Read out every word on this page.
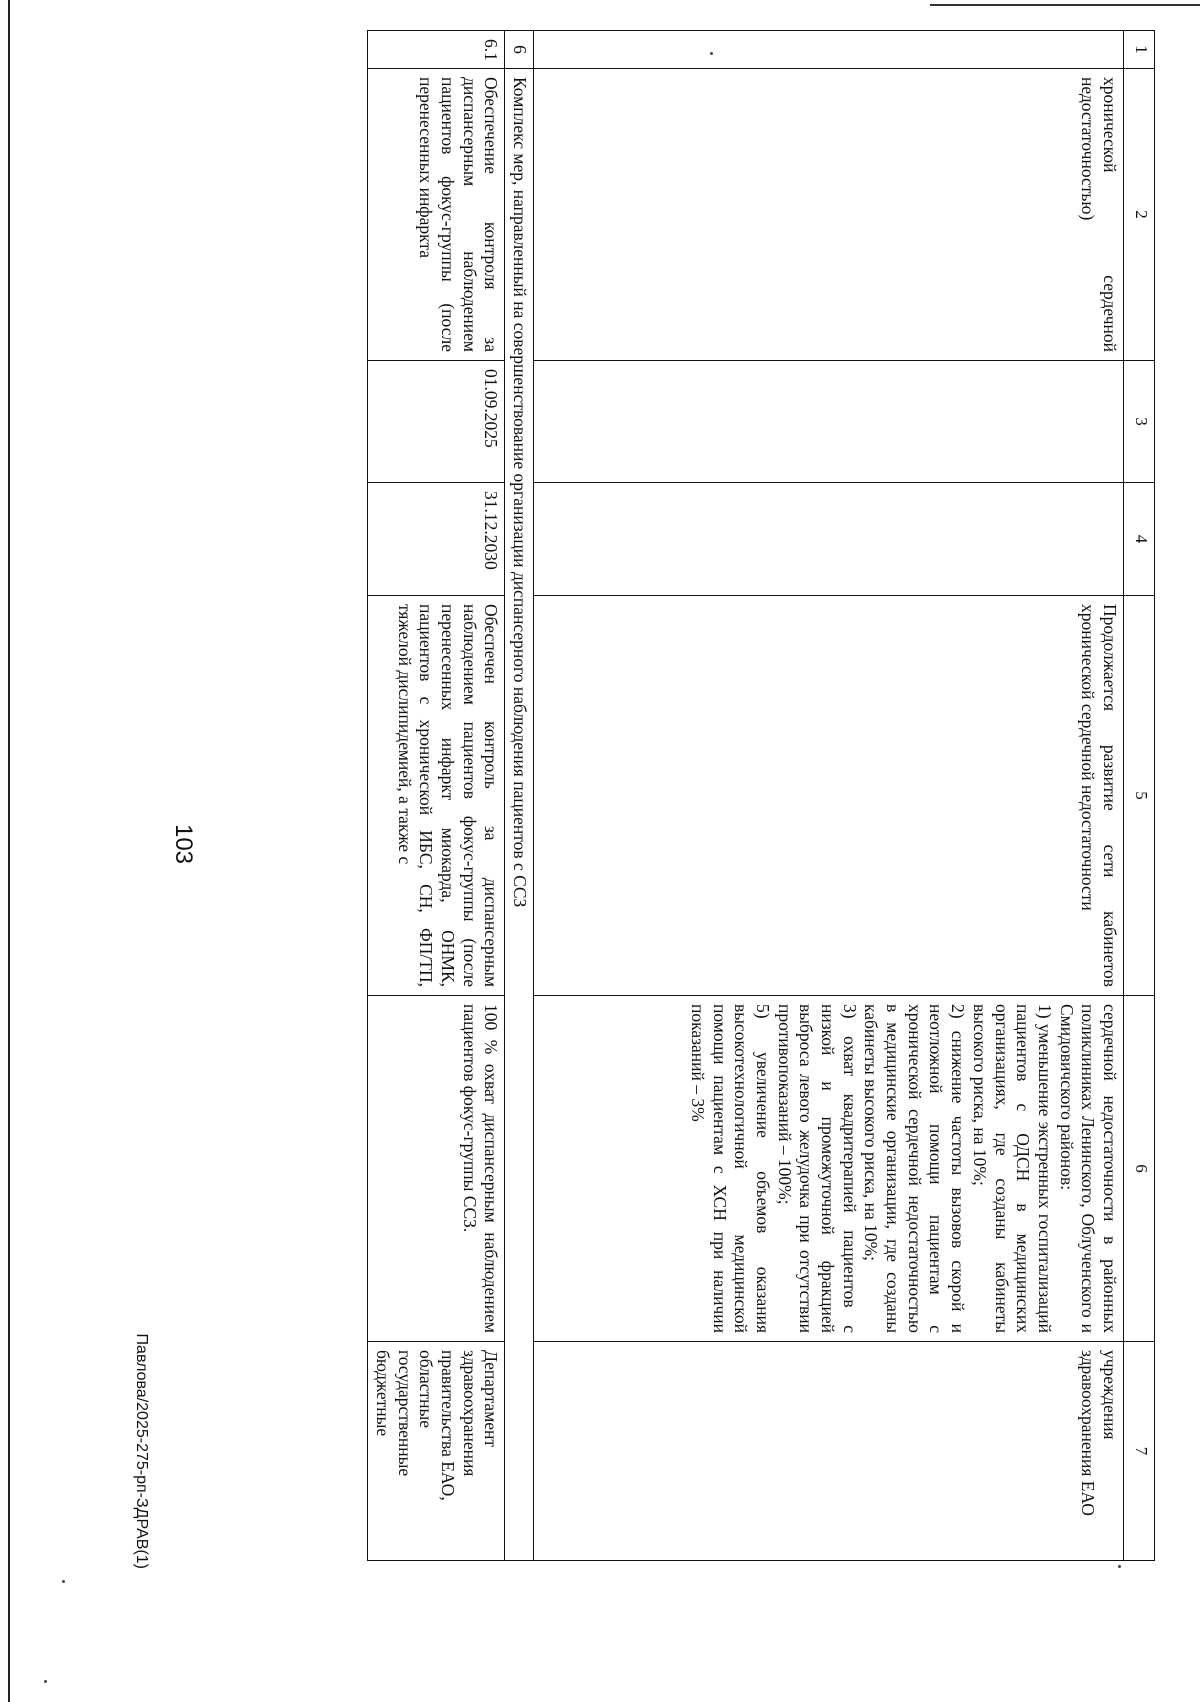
1	2	3	4	5	6	7
	хронической сердечной недостаточностью)			Продолжается развитие сети кабинетов хронической сердечной недостаточности	сердечной недостаточности в районных поликлиниках Ленинского, Облученского и Смидовичского районов:
1) уменьшение экстренных госпитализаций пациентов с ОДСН в медицинских организациях, где созданы кабинеты высокого риска, на 10%;
2) снижение частоты вызовов скорой и неотложной помощи пациентам с хронической сердечной недостаточностью в медицинские организации, где созданы кабинеты высокого риска, на 10%;
3) охват квадритерапией пациентов с низкой и промежуточной фракцией выброса левого желудочка при отсутствии противопоказаний – 100%;
5) увеличение объемов оказания высокотехнологичной медицинской помощи пациентам с ХСН при наличии показаний – 3%	учреждения здравоохранения ЕАО
6	Комплекс мер, направленный на совершенствование организации диспансерного наблюдения пациентов с ССЗ					
6.1	Обеспечение контроля за диспансерным наблюдением пациентов фокус-группы (после перенесенных инфаркта	01.09.2025	31.12.2030	Обеспечен контроль за диспансерным наблюдением пациентов фокус-группы (после перенесенных инфаркт миокарда, ОНМК, пациентов с хронической ИБС, СН, ФП/ТП, тяжелой дислипидемией, а также с	100 % охват диспансерным наблюдением пациентов фокус-группы ССЗ.	Департамент здравоохранения правительства ЕАО, областные государственные бюджетные
103
Павлова/2025-275-рп-ЗДРАВ(1)
